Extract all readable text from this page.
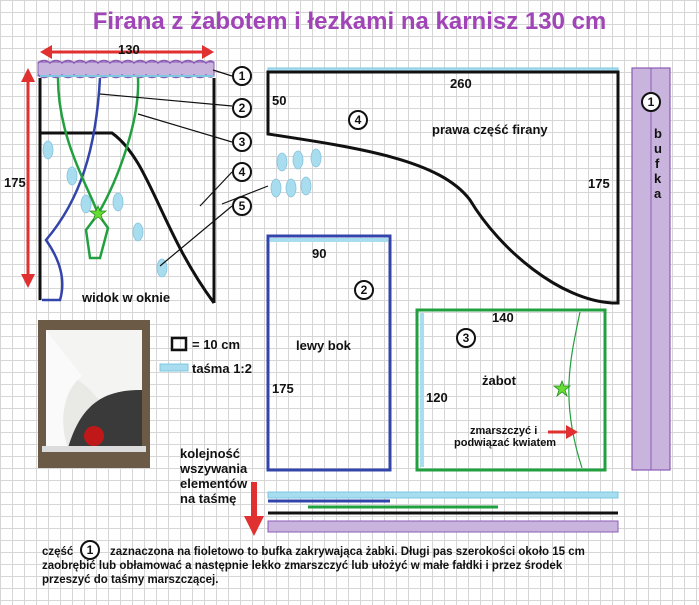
Firana z żabotem i łezkami na karnisz 130 cm
130
175
widok w oknie
1
2
3
4
5
260
50
175
4
prawa część firany
1
b
u
f
k
a
90
2
lewy bok
175
140
3
żabot
120
zmarszczyć i
podwiązać kwiatem
= 10 cm
taśma 1:2
kolejność
wszywania
elementów
na taśmę
część	1	zaznaczona na fioletowo to bufka zakrywająca żabki. Długi pas szerokości około 15 cm
zaobrębić lub obłamować a następnie lekko zmarszczyć lub ułożyć w małe fałdki i przez środek
przeszyć do taśmy marszczącej.
